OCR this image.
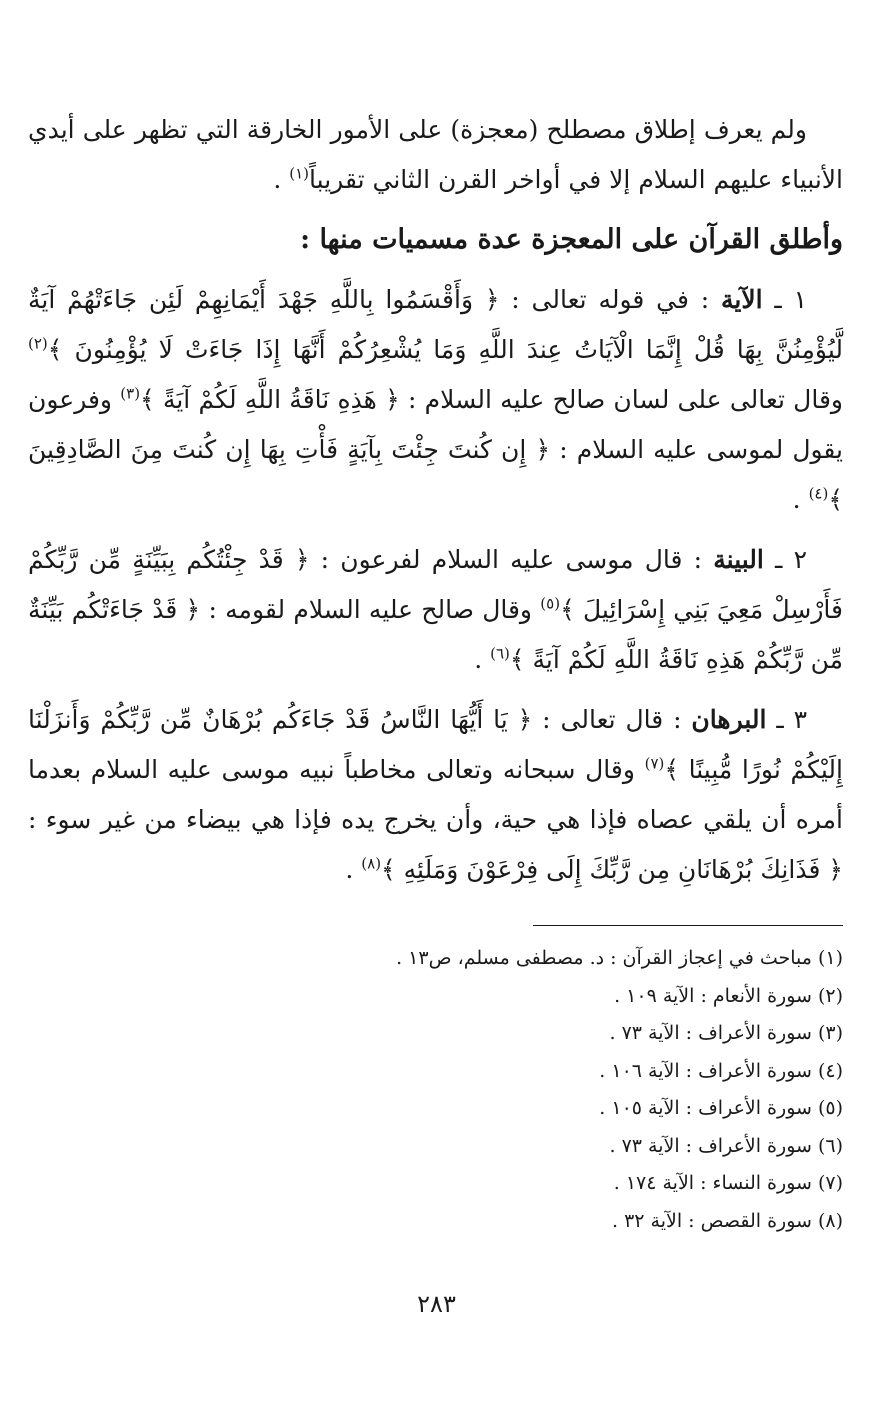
ولم يعرف إطلاق مصطلح (معجزة) على الأمور الخارقة التي تظهر على أيدي الأنبياء عليهم السلام إلا في أواخر القرن الثاني تقريباً$^{(١)}$ .

وأطلق القرآن على المعجزة عدة مسميات منها :

١ ـ الآية : في قوله تعالى : ﴿ وَأَقْسَمُوا بِاللَّهِ جَهْدَ أَيْمَانِهِمْ لَئِن جَاءَتْهُمْ آيَةٌ لَّيُؤْمِنُنَّ بِهَا قُلْ إِنَّمَا الْآيَاتُ عِندَ اللَّهِ وَمَا يُشْعِرُكُمْ أَنَّهَا إِذَا جَاءَتْ لَا يُؤْمِنُونَ ﴾$^{(٢)}$ وقال تعالى على لسان صالح عليه السلام : ﴿ هَذِهِ نَاقَةُ اللَّهِ لَكُمْ آيَةً ﴾$^{(٣)}$ وفرعون يقول لموسى عليه السلام : ﴿ إِن كُنتَ جِئْتَ بِآيَةٍ فَأْتِ بِهَا إِن كُنتَ مِنَ الصَّادِقِينَ ﴾$^{(٤)}$ .

٢ ـ البينة : قال موسى عليه السلام لفرعون : ﴿ قَدْ جِئْتُكُم بِبَيِّنَةٍ مِّن رَّبِّكُمْ فَأَرْسِلْ مَعِيَ بَنِي إِسْرَائِيلَ ﴾$^{(٥)}$ وقال صالح عليه السلام لقومه : ﴿ قَدْ جَاءَتْكُم بَيِّنَةٌ مِّن رَّبِّكُمْ هَذِهِ نَاقَةُ اللَّهِ لَكُمْ آيَةً ﴾$^{(٦)}$ .

٣ ـ البرهان : قال تعالى : ﴿ يَا أَيُّهَا النَّاسُ قَدْ جَاءَكُم بُرْهَانٌ مِّن رَّبِّكُمْ وَأَنزَلْنَا إِلَيْكُمْ نُورًا مُّبِينًا ﴾$^{(٧)}$ وقال سبحانه وتعالى مخاطباً نبيه موسى عليه السلام بعدما أمره أن يلقي عصاه فإذا هي حية، وأن يخرج يده فإذا هي بيضاء من غير سوء : ﴿ فَذَانِكَ بُرْهَانَانِ مِن رَّبِّكَ إِلَى فِرْعَوْنَ وَمَلَئِهِ ﴾$^{(٨)}$ .

(١)مباحث في إعجاز القرآن : د. مصطفى مسلم، ص١٣ .
(٢)سورة الأنعام : الآية ١٠٩ .
(٣)سورة الأعراف : الآية ٧٣ .
(٤)سورة الأعراف : الآية ١٠٦ .
(٥)سورة الأعراف : الآية ١٠٥ .
(٦)سورة الأعراف : الآية ٧٣ .
(٧)سورة النساء : الآية ١٧٤ .
(٨)سورة القصص : الآية ٣٢ .
٢٨٣
